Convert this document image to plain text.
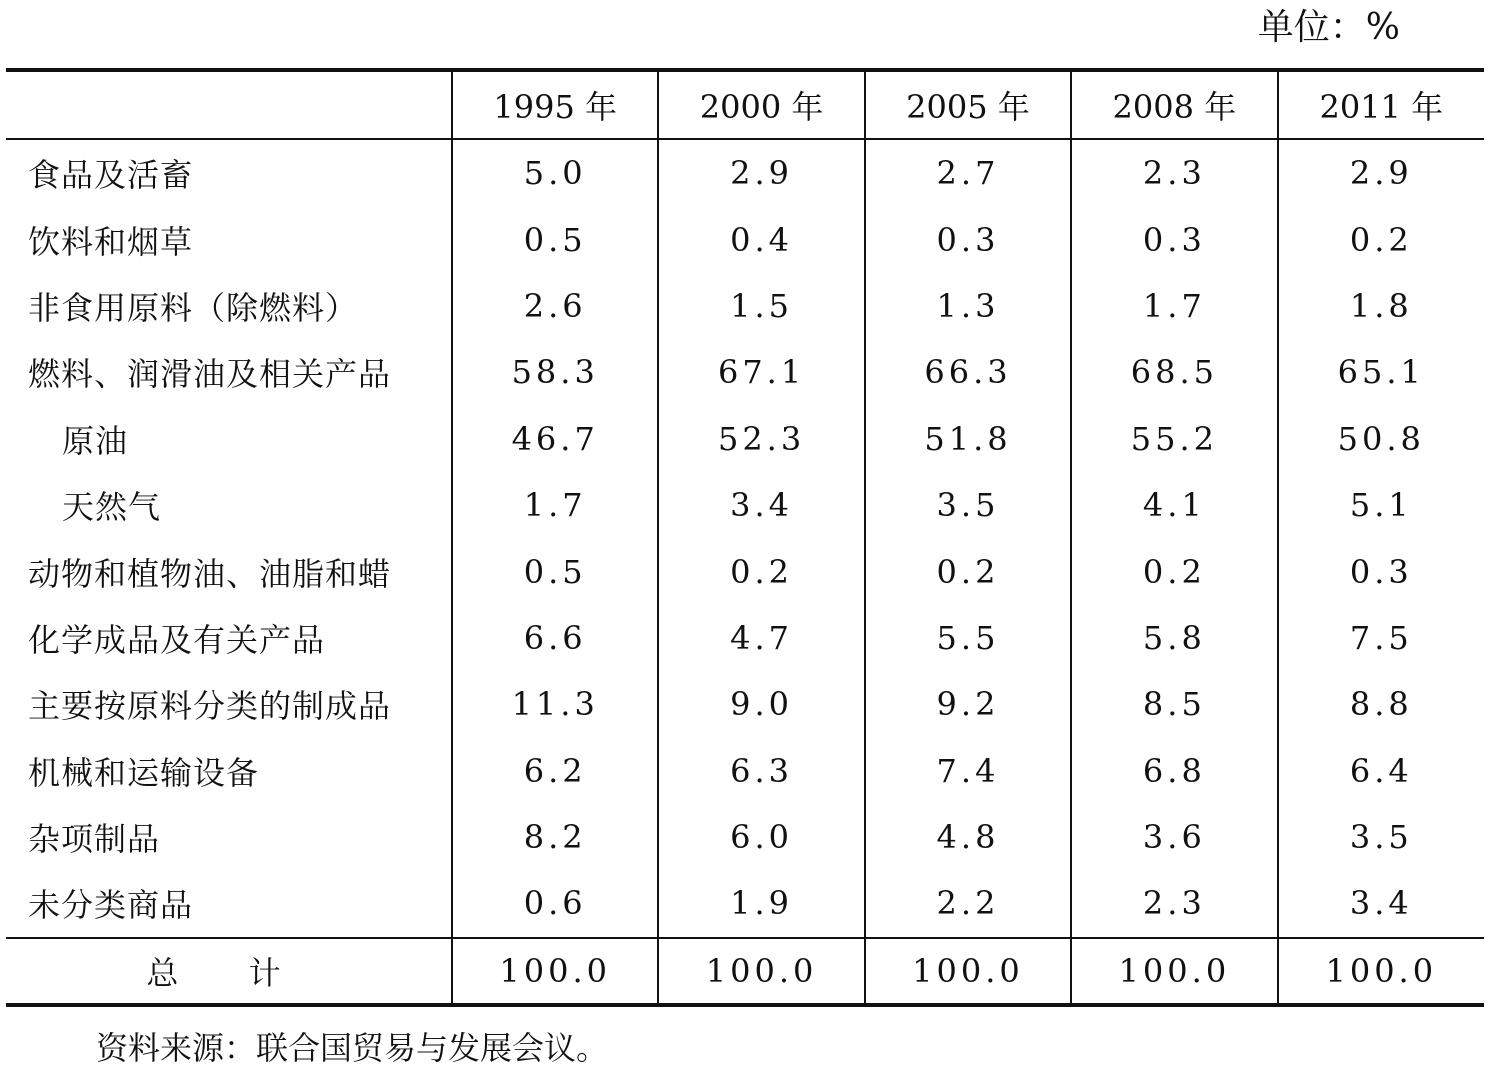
单位：%
	1995 年	2000 年	2005 年	2008 年	2011 年
食品及活畜	5.0	2.9	2.7	2.3	2.9
饮料和烟草	0.5	0.4	0.3	0.3	0.2
非食用原料（除燃料）	2.6	1.5	1.3	1.7	1.8
燃料、润滑油及相关产品	58.3	67.1	66.3	68.5	65.1
原油	46.7	52.3	51.8	55.2	50.8
天然气	1.7	3.4	3.5	4.1	5.1
动物和植物油、油脂和蜡	0.5	0.2	0.2	0.2	0.3
化学成品及有关产品	6.6	4.7	5.5	5.8	7.5
主要按原料分类的制成品	11.3	9.0	9.2	8.5	8.8
机械和运输设备	6.2	6.3	7.4	6.8	6.4
杂项制品	8.2	6.0	4.8	3.6	3.5
未分类商品	0.6	1.9	2.2	2.3	3.4
总 计	100.0	100.0	100.0	100.0	100.0
资料来源：联合国贸易与发展会议。
